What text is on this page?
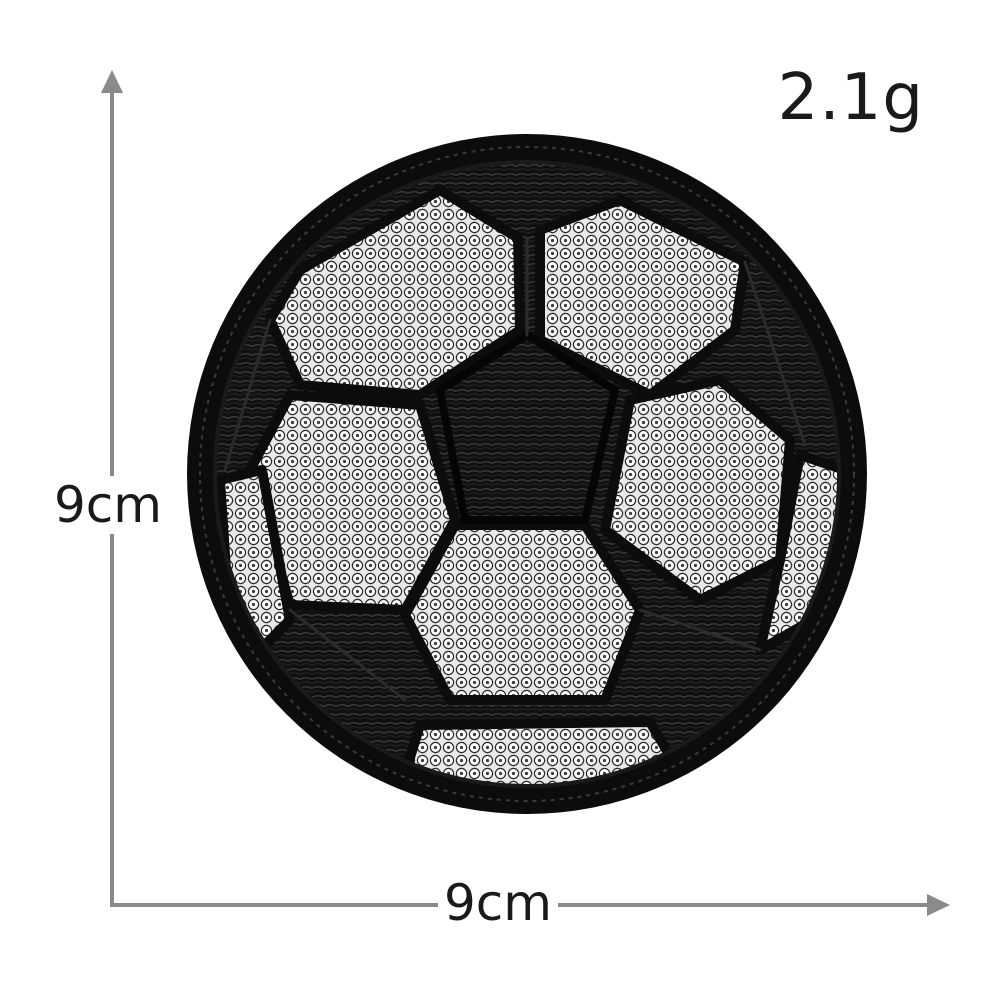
2.1g
9cm
9cm
